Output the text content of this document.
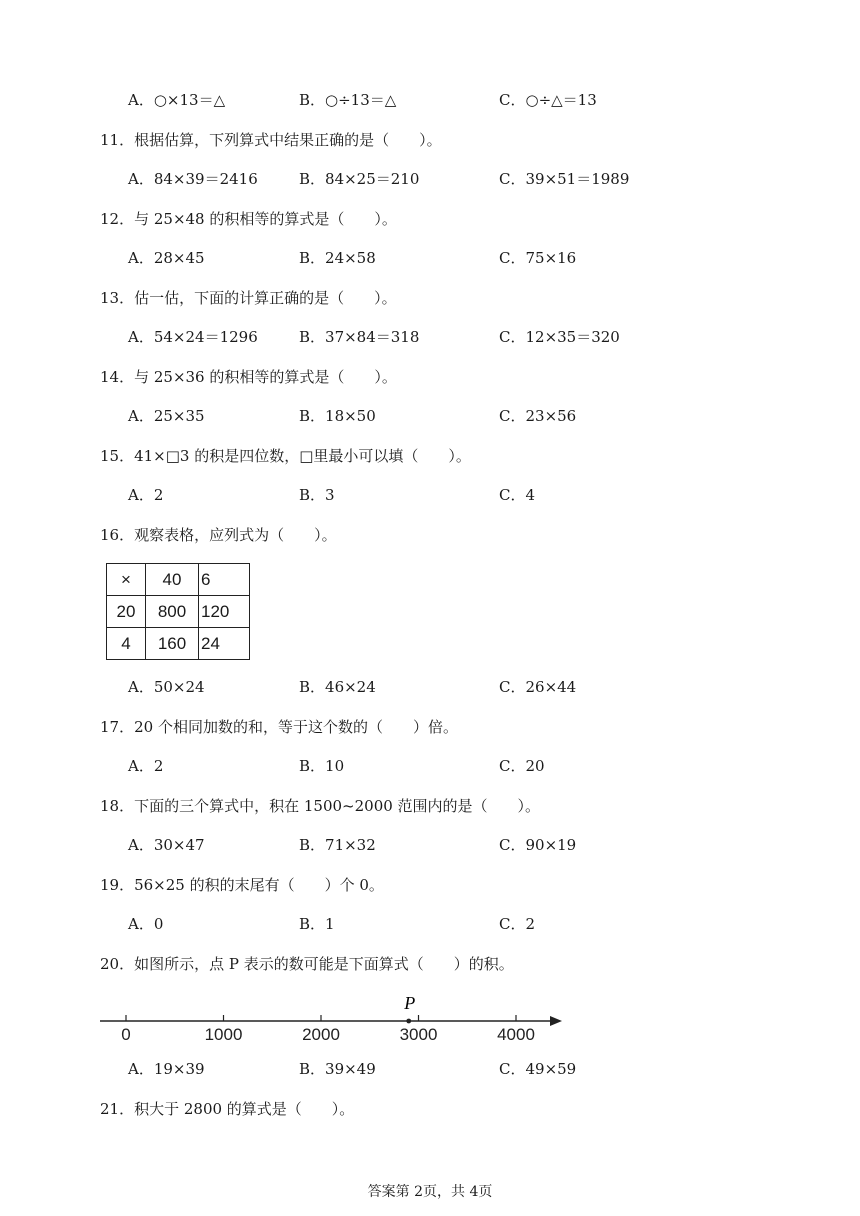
A．○×13＝△	B．○÷13＝△	C．○÷△＝13
11．根据估算，下列算式中结果正确的是（　　）。
A．84×39＝2416	B．84×25＝210	C．39×51＝1989
12．与 25×48 的积相等的算式是（　　）。
A．28×45	B．24×58	C．75×16
13．估一估，下面的计算正确的是（　　）。
A．54×24＝1296	B．37×84＝318	C．12×35＝320
14．与 25×36 的积相等的算式是（　　）。
A．25×35	B．18×50	C．23×56
15．41×□3 的积是四位数，□里最小可以填（　　）。
A．2	B．3	C．4
16．观察表格，应列式为（　　）。
A．50×24	B．46×24	C．26×44
17．20 个相同加数的和，等于这个数的（　　）倍。
A．2	B．10	C．20
18．下面的三个算式中，积在 1500~2000 范围内的是（　　）。
A．30×47	B．71×32	C．90×19
19．56×25 的积的末尾有（　　）个 0。
A．0	B．1	C．2
20．如图所示，点 P 表示的数可能是下面算式（　　）的积。
A．19×39	B．39×49	C．49×59
21．积大于 2800 的算式是（　　）。
×	40	6
20	800	120
4	160	24
0	1000	2000	3000	4000
P
答案第 2页，共 4页
